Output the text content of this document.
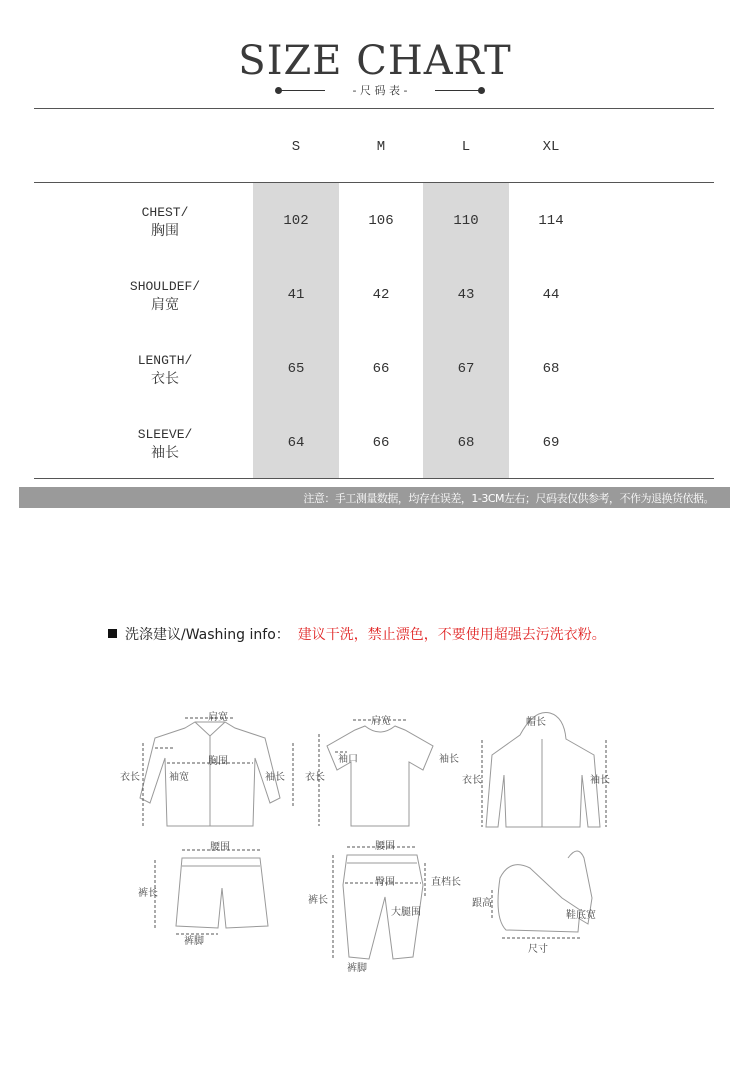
SIZE CHART
- 尺 码 表 -
S	M	L	XL
CHEST/
胸围
102	106	110	114
SHOULDEF/
肩宽
41	42	43	44
LENGTH/
衣长
65	66	67	68
SLEEVE/
袖长
64	66	68	69
注意：手工测量数据，均存在误差，1-3CM左右；尺码表仅供参考，不作为退换货依据。
洗涤建议/Washing info： 建议干洗，禁止漂色，不要使用超强去污洗衣粉。
肩宽
胸围
衣长	袖宽	袖长
肩宽
袖口
衣长
袖长
帽长
衣长	袖长
腰围
裤长
裤脚
腰围
臀围	直档长
裤长
大腿围
裤脚
跟高
鞋底宽
尺寸
